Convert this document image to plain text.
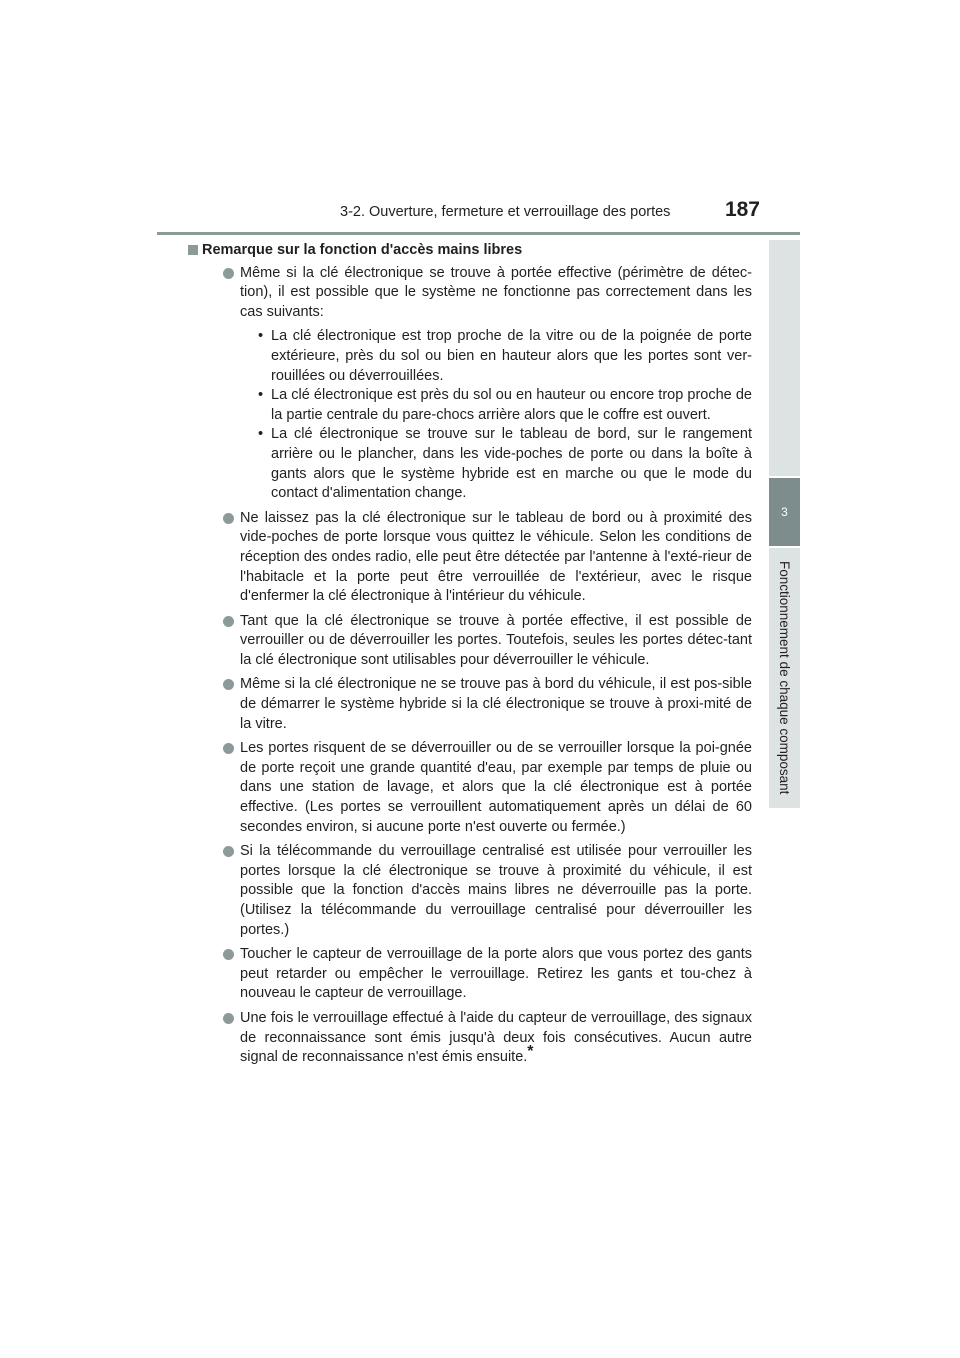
3-2. Ouverture, fermeture et verrouillage des portes	187
3
Fonctionnement de chaque composant
Remarque sur la fonction d'accès mains libres
Même si la clé électronique se trouve à portée effective (périmètre de détec-tion), il est possible que le système ne fonctionne pas correctement dans les cas suivants:
• La clé électronique est trop proche de la vitre ou de la poignée de porte extérieure, près du sol ou bien en hauteur alors que les portes sont ver-rouillées ou déverrouillées.
• La clé électronique est près du sol ou en hauteur ou encore trop proche de la partie centrale du pare-chocs arrière alors que le coffre est ouvert.
• La clé électronique se trouve sur le tableau de bord, sur le rangement arrière ou le plancher, dans les vide-poches de porte ou dans la boîte à gants alors que le système hybride est en marche ou que le mode du contact d'alimentation change.
Ne laissez pas la clé électronique sur le tableau de bord ou à proximité des vide-poches de porte lorsque vous quittez le véhicule. Selon les conditions de réception des ondes radio, elle peut être détectée par l'antenne à l'exté-rieur de l'habitacle et la porte peut être verrouillée de l'extérieur, avec le risque d'enfermer la clé électronique à l'intérieur du véhicule.
Tant que la clé électronique se trouve à portée effective, il est possible de verrouiller ou de déverrouiller les portes. Toutefois, seules les portes détec-tant la clé électronique sont utilisables pour déverrouiller le véhicule.
Même si la clé électronique ne se trouve pas à bord du véhicule, il est pos-sible de démarrer le système hybride si la clé électronique se trouve à proxi-mité de la vitre.
Les portes risquent de se déverrouiller ou de se verrouiller lorsque la poi-gnée de porte reçoit une grande quantité d'eau, par exemple par temps de pluie ou dans une station de lavage, et alors que la clé électronique est à portée effective. (Les portes se verrouillent automatiquement après un délai de 60 secondes environ, si aucune porte n'est ouverte ou fermée.)
Si la télécommande du verrouillage centralisé est utilisée pour verrouiller les portes lorsque la clé électronique se trouve à proximité du véhicule, il est possible que la fonction d'accès mains libres ne déverrouille pas la porte. (Utilisez la télécommande du verrouillage centralisé pour déverrouiller les portes.)
Toucher le capteur de verrouillage de la porte alors que vous portez des gants peut retarder ou empêcher le verrouillage. Retirez les gants et tou-chez à nouveau le capteur de verrouillage.
Une fois le verrouillage effectué à l'aide du capteur de verrouillage, des signaux de reconnaissance sont émis jusqu'à deux fois consécutives. Aucun autre signal de reconnaissance n'est émis ensuite.*
